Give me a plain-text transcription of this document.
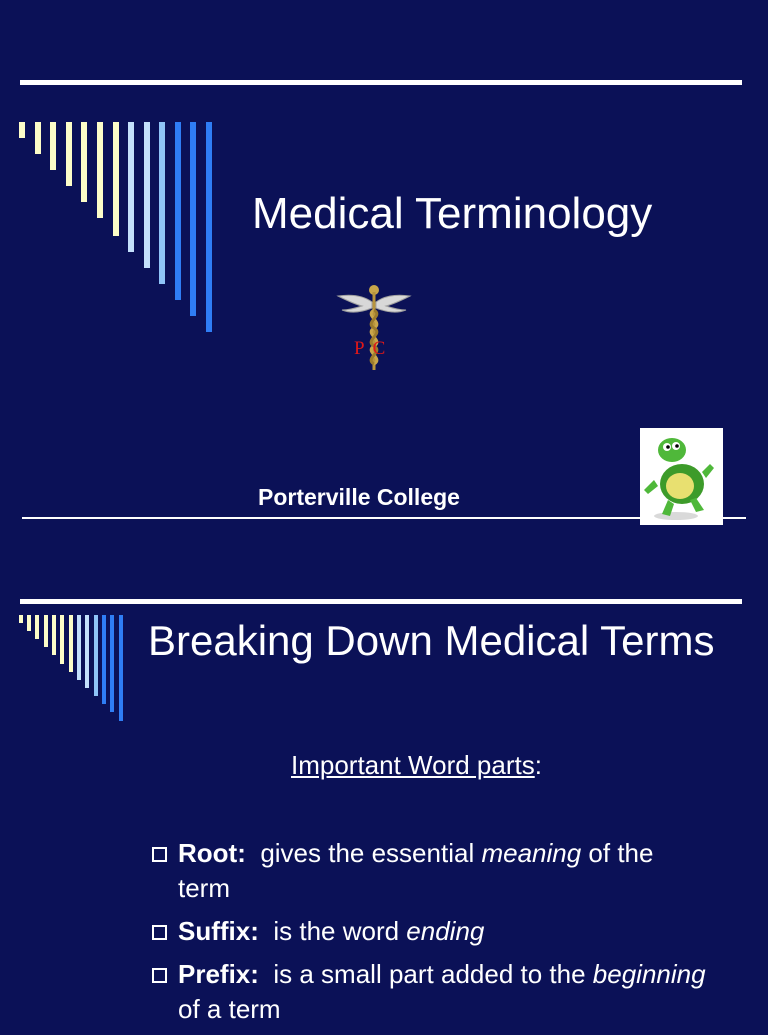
Medical Terminology
PC
Porterville College
Breaking Down Medical Terms
Important Word parts:
Root: gives the essential meaning of the term
Suffix: is the word ending
Prefix: is a small part added to the beginning of a term
